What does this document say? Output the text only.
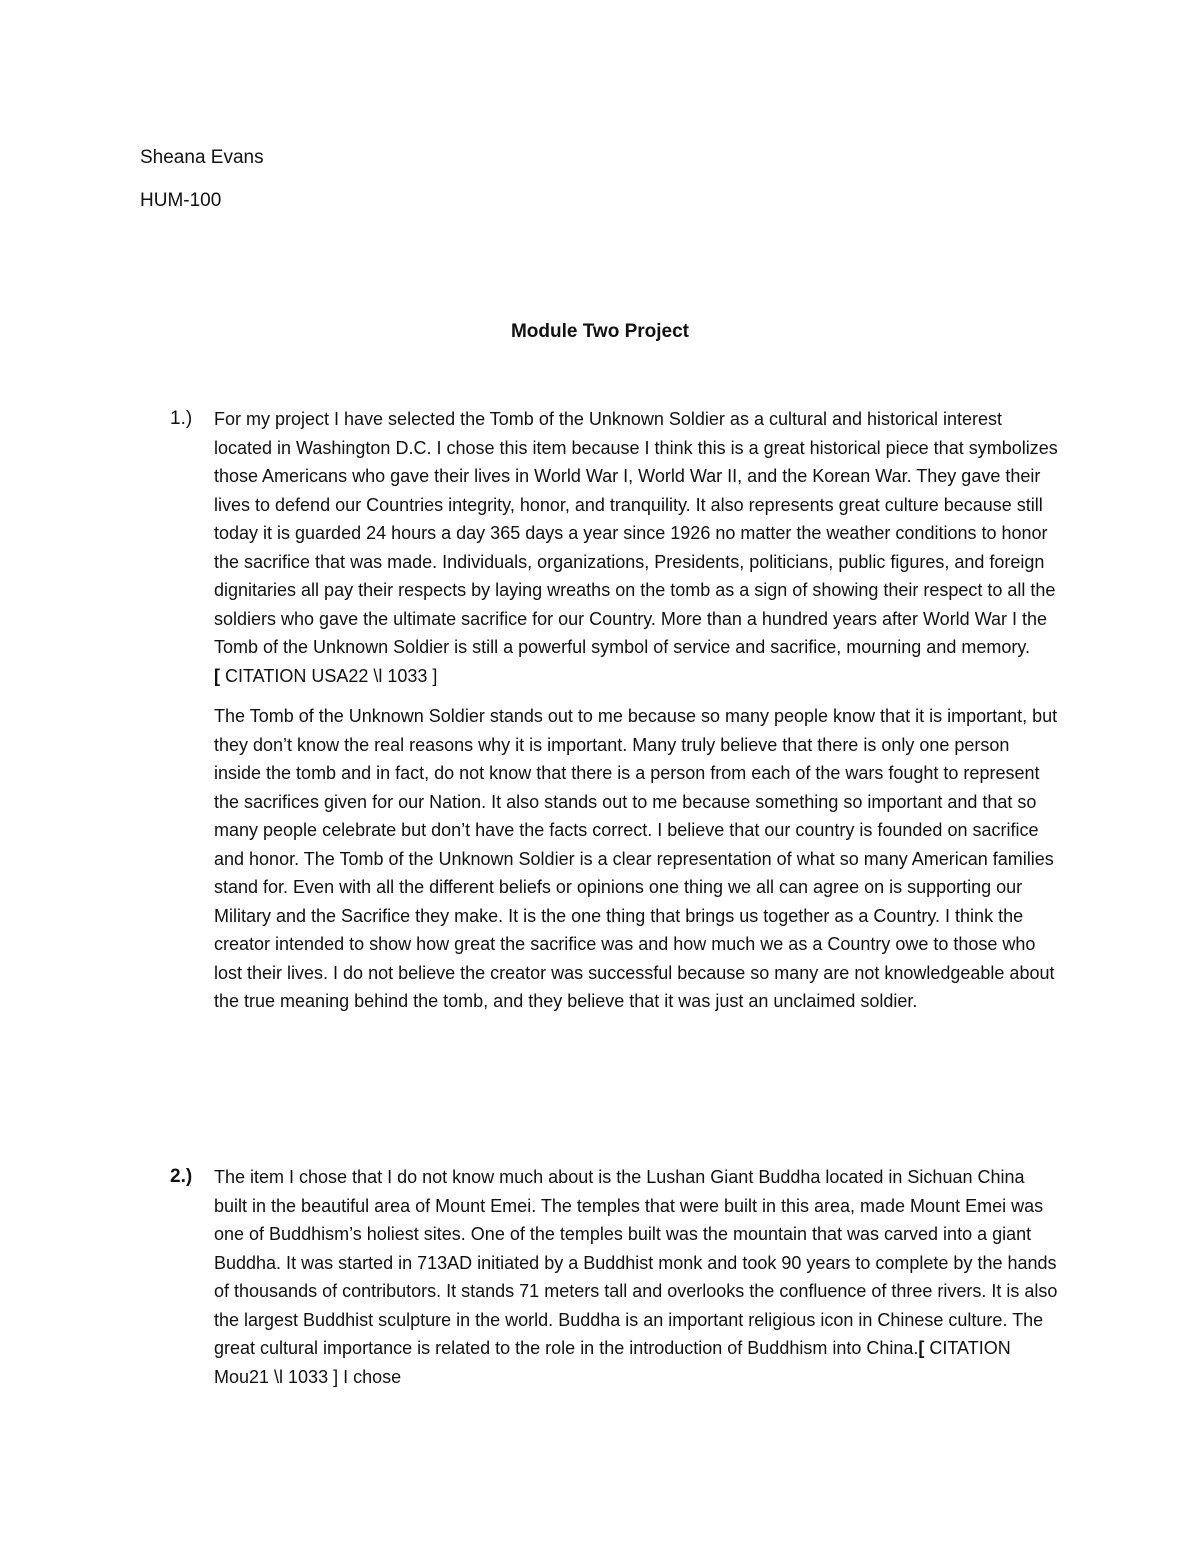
Sheana Evans

HUM-100

Module Two Project
1.) For my project I have selected the Tomb of the Unknown Soldier as a cultural and historical interest located in Washington D.C. I chose this item because I think this is a great historical piece that symbolizes those Americans who gave their lives in World War I, World War II, and the Korean War. They gave their lives to defend our Countries integrity, honor, and tranquility. It also represents great culture because still today it is guarded 24 hours a day 365 days a year since 1926 no matter the weather conditions to honor the sacrifice that was made. Individuals, organizations, Presidents, politicians, public figures, and foreign dignitaries all pay their respects by laying wreaths on the tomb as a sign of showing their respect to all the soldiers who gave the ultimate sacrifice for our Country. More than a hundred years after World War I the Tomb of the Unknown Soldier is still a powerful symbol of service and sacrifice, mourning and memory.
[ CITATION USA22 \l 1033 ]

The Tomb of the Unknown Soldier stands out to me because so many people know that it is important, but they don’t know the real reasons why it is important. Many truly believe that there is only one person inside the tomb and in fact, do not know that there is a person from each of the wars fought to represent the sacrifices given for our Nation. It also stands out to me because something so important and that so many people celebrate but don’t have the facts correct. I believe that our country is founded on sacrifice and honor. The Tomb of the Unknown Soldier is a clear representation of what so many American families stand for. Even with all the different beliefs or opinions one thing we all can agree on is supporting our Military and the Sacrifice they make. It is the one thing that brings us together as a Country. I think the creator intended to show how great the sacrifice was and how much we as a Country owe to those who lost their lives. I do not believe the creator was successful because so many are not knowledgeable about the true meaning behind the tomb, and they believe that it was just an unclaimed soldier.

2.) The item I chose that I do not know much about is the Lushan Giant Buddha located in Sichuan China built in the beautiful area of Mount Emei. The temples that were built in this area, made Mount Emei was one of Buddhism’s holiest sites. One of the temples built was the mountain that was carved into a giant Buddha. It was started in 713AD initiated by a Buddhist monk and took 90 years to complete by the hands of thousands of contributors. It stands 71 meters tall and overlooks the confluence of three rivers. It is also the largest Buddhist sculpture in the world. Buddha is an important religious icon in Chinese culture. The great cultural importance is related to the role in the introduction of Buddhism into China.[ CITATION Mou21 \l 1033 ] I chose
